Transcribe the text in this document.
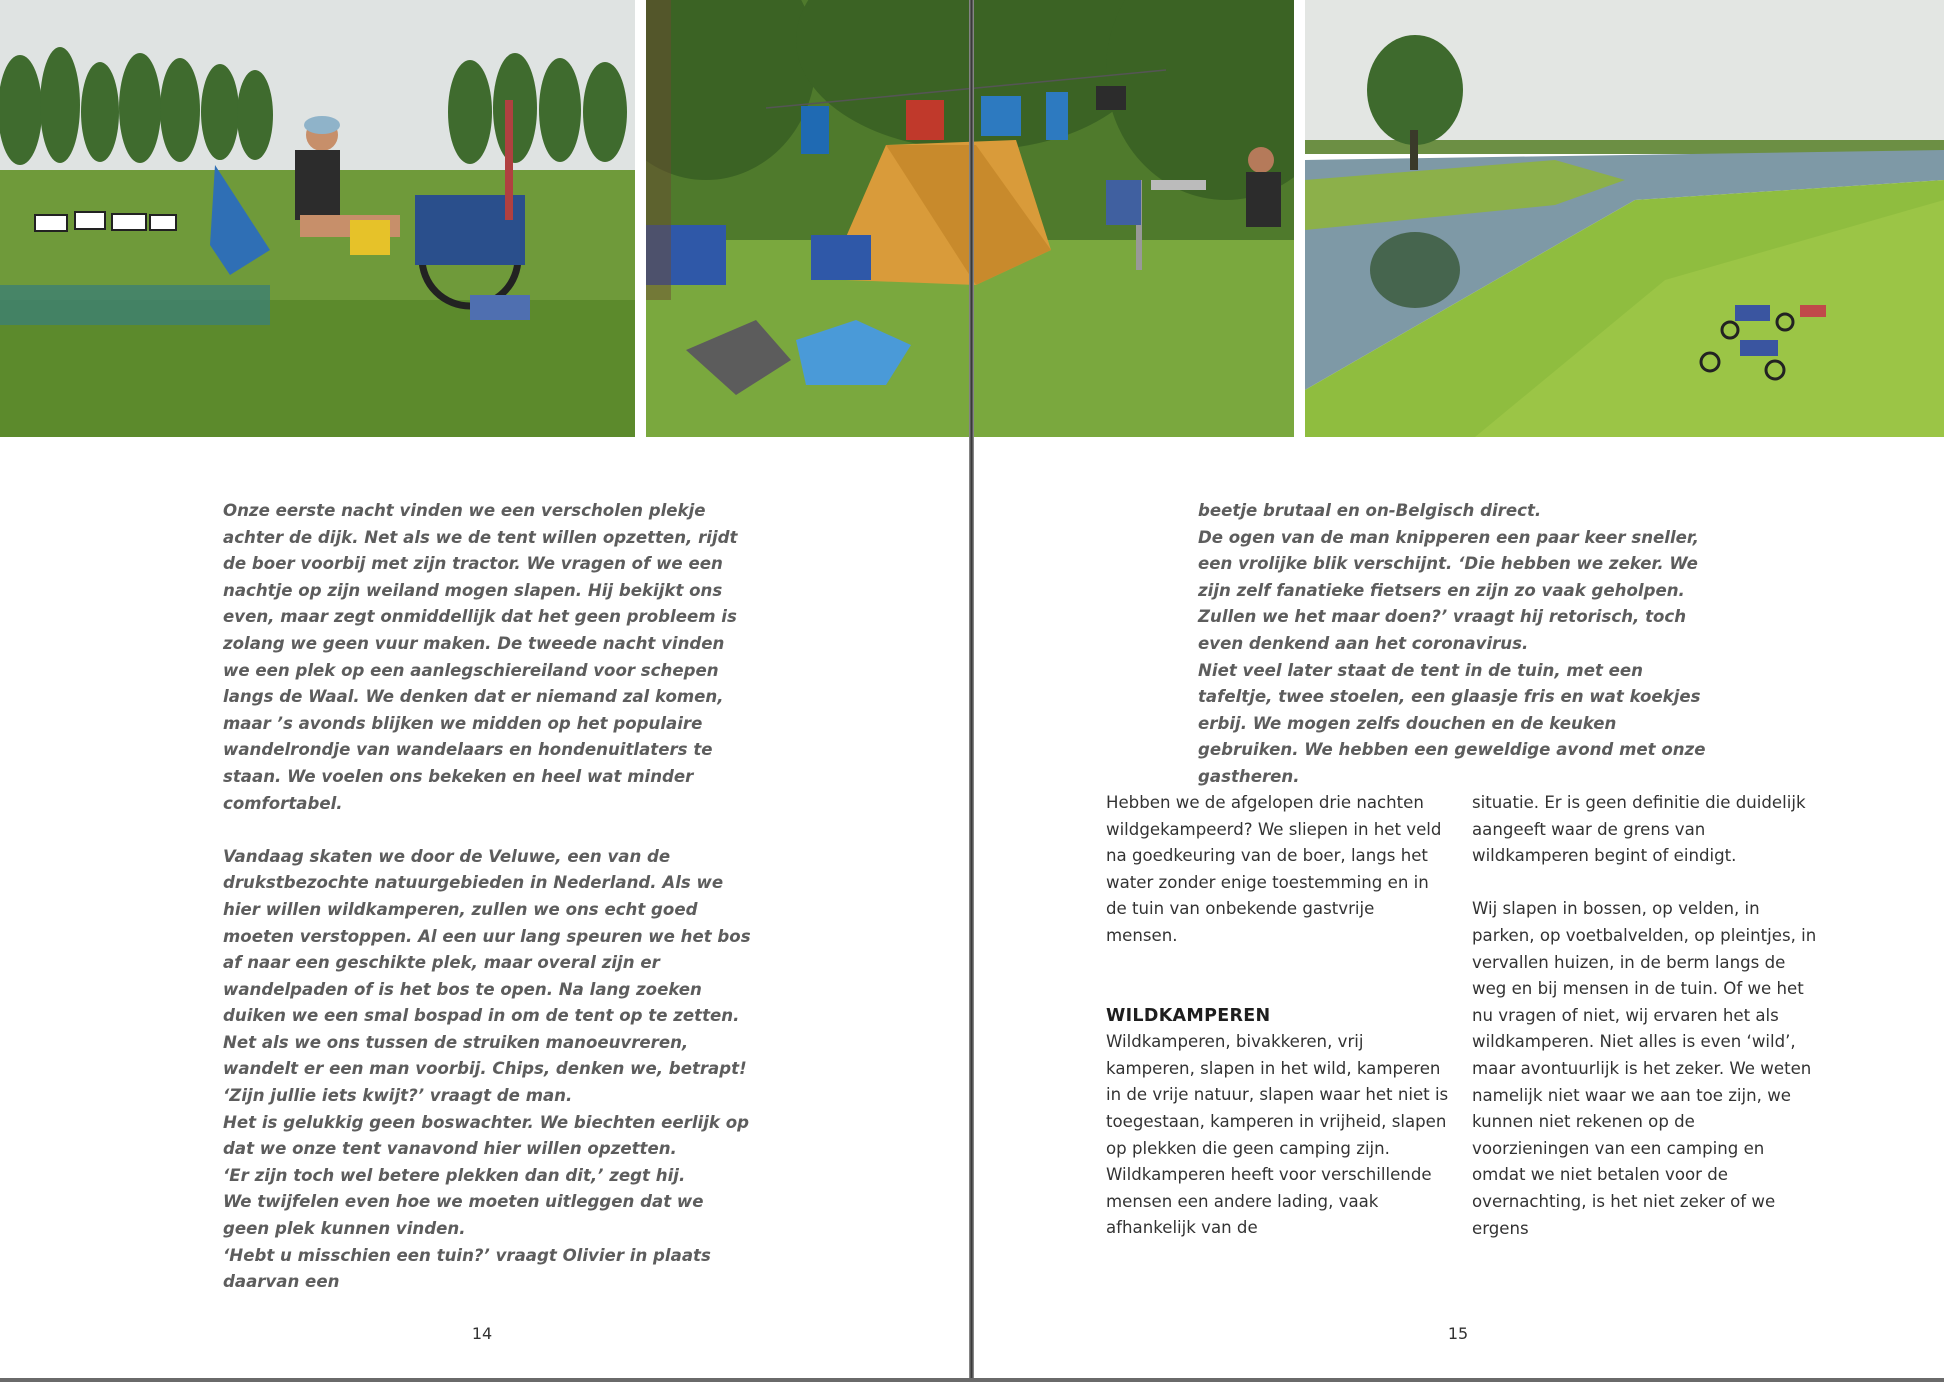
Onze eerste nacht vinden we een verscholen plekje achter de dijk. Net als we de tent willen opzetten, rijdt de boer voorbij met zijn tractor. We vragen of we een nachtje op zijn weiland mogen slapen. Hij bekijkt ons even, maar zegt onmiddellijk dat het geen probleem is zolang we geen vuur maken. De tweede nacht vinden we een plek op een aanlegschiereiland voor schepen langs de Waal. We denken dat er niemand zal komen, maar ’s avonds blijken we midden op het populaire wandelrondje van wandelaars en hondenuitlaters te staan. We voelen ons bekeken en heel wat minder comfortabel.

Vandaag skaten we door de Veluwe, een van de drukstbezochte natuurgebieden in Nederland. Als we hier willen wildkamperen, zullen we ons echt goed moeten verstoppen. Al een uur lang speuren we het bos af naar een geschikte plek, maar overal zijn er wandelpaden of is het bos te open. Na lang zoeken duiken we een smal bospad in om de tent op te zetten. Net als we ons tussen de struiken manoeuvreren, wandelt er een man voorbij. Chips, denken we, betrapt!

‘Zijn jullie iets kwijt?’ vraagt de man.

Het is gelukkig geen boswachter. We biechten eerlijk op dat we onze tent vanavond hier willen opzetten.

‘Er zijn toch wel betere plekken dan dit,’ zegt hij.

We twijfelen even hoe we moeten uitleggen dat we geen plek kunnen vinden.

‘Hebt u misschien een tuin?’ vraagt Olivier in plaats daarvan een

beetje brutaal en on-Belgisch direct.

De ogen van de man knipperen een paar keer sneller, een vrolijke blik verschijnt. ‘Die hebben we zeker. We zijn zelf fanatieke fietsers en zijn zo vaak geholpen. Zullen we het maar doen?’ vraagt hij retorisch, toch even denkend aan het coronavirus.

Niet veel later staat de tent in de tuin, met een tafeltje, twee stoelen, een glaasje fris en wat koekjes erbij. We mogen zelfs douchen en de keuken gebruiken. We hebben een geweldige avond met onze gastheren.

Hebben we de afgelopen drie nachten wildgekampeerd? We sliepen in het veld na goedkeuring van de boer, langs het water zonder enige toestemming en in de tuin van onbekende gastvrije mensen.

WILDKAMPEREN

Wildkamperen, bivakkeren, vrij kamperen, slapen in het wild, kamperen in de vrije natuur, slapen waar het niet is toegestaan, kamperen in vrijheid, slapen op plekken die geen camping zijn. Wildkamperen heeft voor verschillende mensen een andere lading, vaak afhankelijk van de

situatie. Er is geen definitie die duidelijk aangeeft waar de grens van wildkamperen begint of eindigt.

Wij slapen in bossen, op velden, in parken, op voetbalvelden, op pleintjes, in vervallen huizen, in de berm langs de weg en bij mensen in de tuin. Of we het nu vragen of niet, wij ervaren het als wildkamperen. Niet alles is even ‘wild’, maar avontuurlijk is het zeker. We weten namelijk niet waar we aan toe zijn, we kunnen niet rekenen op de voorzieningen van een camping en omdat we niet betalen voor de overnachting, is het niet zeker of we ergens

14	15
